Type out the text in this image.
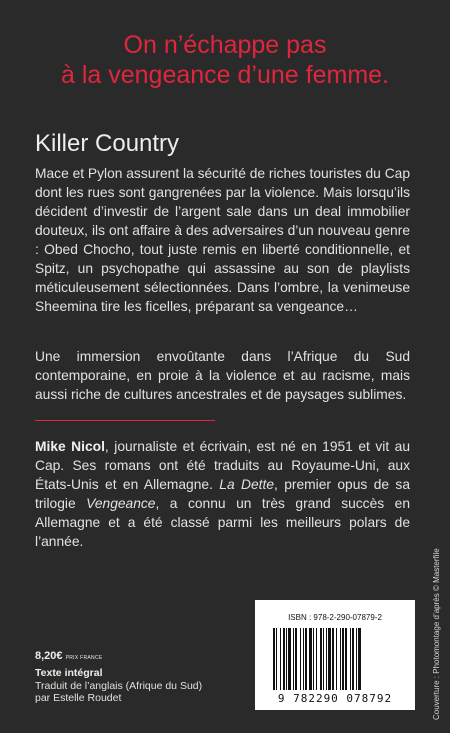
On n’échappe pas
à la vengeance d’une femme.
Killer Country

Mace et Pylon assurent la sécurité de riches touristes du Cap dont les rues sont gangrenées par la violence. Mais lorsqu’ils décident d’investir de l’argent sale dans un deal immobilier douteux, ils ont affaire à des adversaires d’un nouveau genre : Obed Chocho, tout juste remis en liberté conditionnelle, et Spitz, un psychopathe qui assassine au son de playlists méticuleusement sélectionnées. Dans l’ombre, la venimeuse Sheemina tire les ficelles, préparant sa vengeance…

Une immersion envoûtante dans l’Afrique du Sud contemporaine, en proie à la violence et au racisme, mais aussi riche de cultures ancestrales et de paysages sublimes.

Mike Nicol, journaliste et écrivain, est né en 1951 et vit au Cap. Ses romans ont été traduits au Royaume-Uni, aux États-Unis et en Allemagne. La Dette, premier opus de sa trilogie Vengeance, a connu un très grand succès en Allemagne et a été classé parmi les meilleurs polars de l’année.

8,20€ PRIX FRANCE
Texte intégral
Traduit de l’anglais (Afrique du Sud)
par Estelle Roudet
ISBN : 978-2-290-07879-2
9 782290 078792	Couverture : Photomontage d’après © Masterfile
